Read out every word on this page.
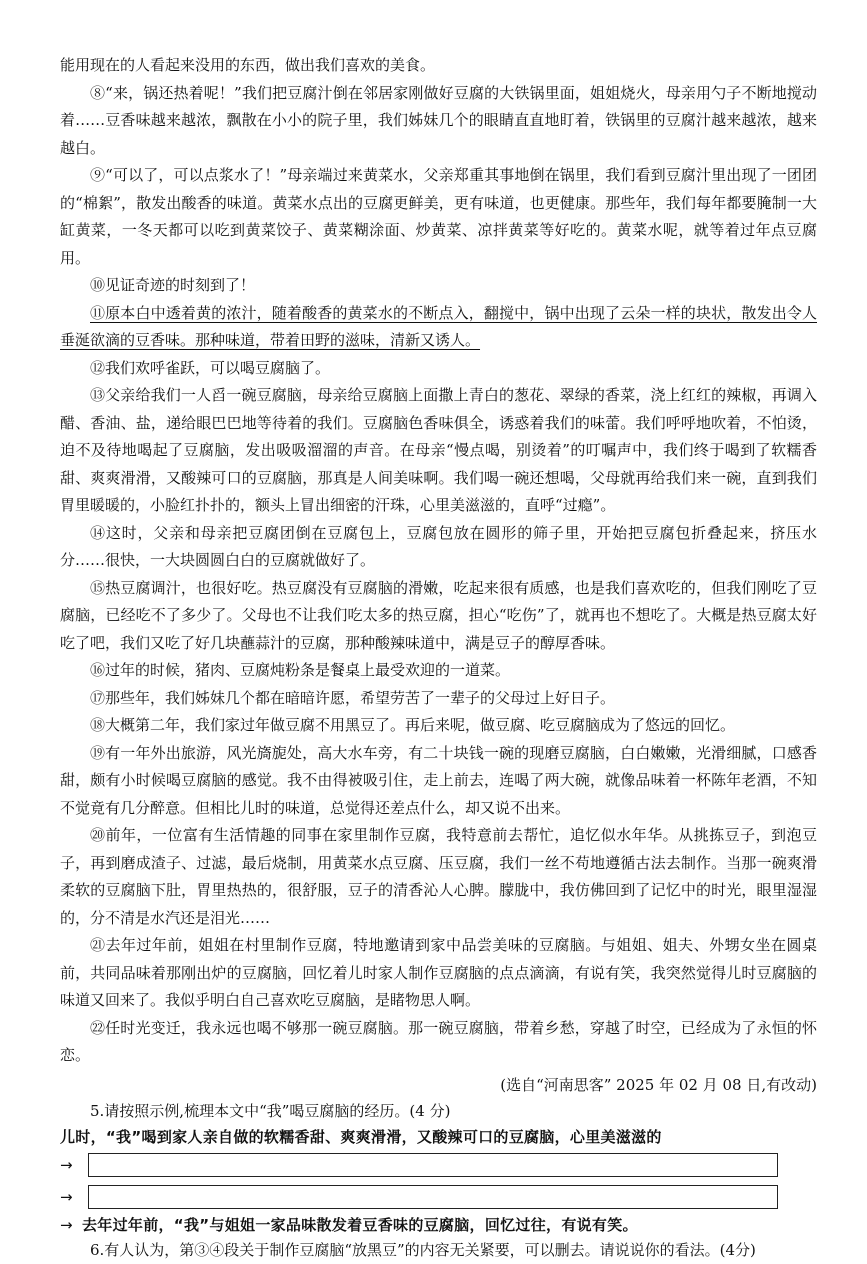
能用现在的人看起来没用的东西，做出我们喜欢的美食。

⑧“来，锅还热着呢！”我们把豆腐汁倒在邻居家刚做好豆腐的大铁锅里面，姐姐烧火，母亲用勺子不断地搅动着……豆香味越来越浓，飘散在小小的院子里，我们姊妹几个的眼睛直直地盯着，铁锅里的豆腐汁越来越浓，越来越白。

⑨“可以了，可以点浆水了！”母亲端过来黄菜水，父亲郑重其事地倒在锅里，我们看到豆腐汁里出现了一团团的“棉絮”，散发出酸香的味道。黄菜水点出的豆腐更鲜美，更有味道，也更健康。那些年，我们每年都要腌制一大缸黄菜，一冬天都可以吃到黄菜饺子、黄菜糊涂面、炒黄菜、凉拌黄菜等好吃的。黄菜水呢，就等着过年点豆腐用。

⑩见证奇迹的时刻到了！

⑪原本白中透着黄的浓汁，随着酸香的黄菜水的不断点入，翻搅中，锅中出现了云朵一样的块状，散发出令人垂涎欲滴的豆香味。那种味道，带着田野的滋味，清新又诱人。

⑫我们欢呼雀跃，可以喝豆腐脑了。

⑬父亲给我们一人舀一碗豆腐脑，母亲给豆腐脑上面撒上青白的葱花、翠绿的香菜，浇上红红的辣椒，再调入醋、香油、盐，递给眼巴巴地等待着的我们。豆腐脑色香味俱全，诱惑着我们的味蕾。我们呼呼地吹着，不怕烫，迫不及待地喝起了豆腐脑，发出吸吸溜溜的声音。在母亲“慢点喝，别烫着”的叮嘱声中，我们终于喝到了软糯香甜、爽爽滑滑，又酸辣可口的豆腐脑，那真是人间美味啊。我们喝一碗还想喝，父母就再给我们来一碗，直到我们胃里暖暖的，小脸红扑扑的，额头上冒出细密的汗珠，心里美滋滋的，直呼“过瘾”。

⑭这时，父亲和母亲把豆腐团倒在豆腐包上，豆腐包放在圆形的筛子里，开始把豆腐包折叠起来，挤压水分……很快，一大块圆圆白白的豆腐就做好了。

⑮热豆腐调汁，也很好吃。热豆腐没有豆腐脑的滑嫩，吃起来很有质感，也是我们喜欢吃的，但我们刚吃了豆腐脑，已经吃不了多少了。父母也不让我们吃太多的热豆腐，担心“吃伤”了，就再也不想吃了。大概是热豆腐太好吃了吧，我们又吃了好几块蘸蒜汁的豆腐，那种酸辣味道中，满是豆子的醇厚香味。

⑯过年的时候，猪肉、豆腐炖粉条是餐桌上最受欢迎的一道菜。

⑰那些年，我们姊妹几个都在暗暗许愿，希望劳苦了一辈子的父母过上好日子。

⑱大概第二年，我们家过年做豆腐不用黑豆了。再后来呢，做豆腐、吃豆腐脑成为了悠远的回忆。

⑲有一年外出旅游，风光旖旎处，高大水车旁，有二十块钱一碗的现磨豆腐脑，白白嫩嫩，光滑细腻，口感香甜，颇有小时候喝豆腐脑的感觉。我不由得被吸引住，走上前去，连喝了两大碗，就像品味着一杯陈年老酒，不知不觉竟有几分醉意。但相比儿时的味道，总觉得还差点什么，却又说不出来。

⑳前年，一位富有生活情趣的同事在家里制作豆腐，我特意前去帮忙，追忆似水年华。从挑拣豆子，到泡豆子，再到磨成渣子、过滤，最后烧制，用黄菜水点豆腐、压豆腐，我们一丝不苟地遵循古法去制作。当那一碗爽滑柔软的豆腐脑下肚，胃里热热的，很舒服，豆子的清香沁人心脾。朦胧中，我仿佛回到了记忆中的时光，眼里湿湿的，分不清是水汽还是泪光……

㉑去年过年前，姐姐在村里制作豆腐，特地邀请到家中品尝美味的豆腐脑。与姐姐、姐夫、外甥女坐在圆桌前，共同品味着那刚出炉的豆腐脑，回忆着儿时家人制作豆腐脑的点点滴滴，有说有笑，我突然觉得儿时豆腐脑的味道又回来了。我似乎明白自己喜欢吃豆腐脑，是睹物思人啊。

㉒任时光变迁，我永远也喝不够那一碗豆腐脑。那一碗豆腐脑，带着乡愁，穿越了时空，已经成为了永恒的怀恋。

(选自“河南思客” 2025 年 02 月 08 日,有改动)

5.请按照示例,梳理本文中“我”喝豆腐脑的经历。(4 分)

儿时，“我”喝到家人亲自做的软糯香甜、爽爽滑滑，又酸辣可口的豆腐脑，心里美滋滋的

→
→
→ 去年过年前，“我”与姐姐一家品味散发着豆香味的豆腐脑，回忆过往，有说有笑。

6.有人认为，第③④段关于制作豆腐脑“放黑豆”的内容无关紧要，可以删去。请说说你的看法。(4分)
